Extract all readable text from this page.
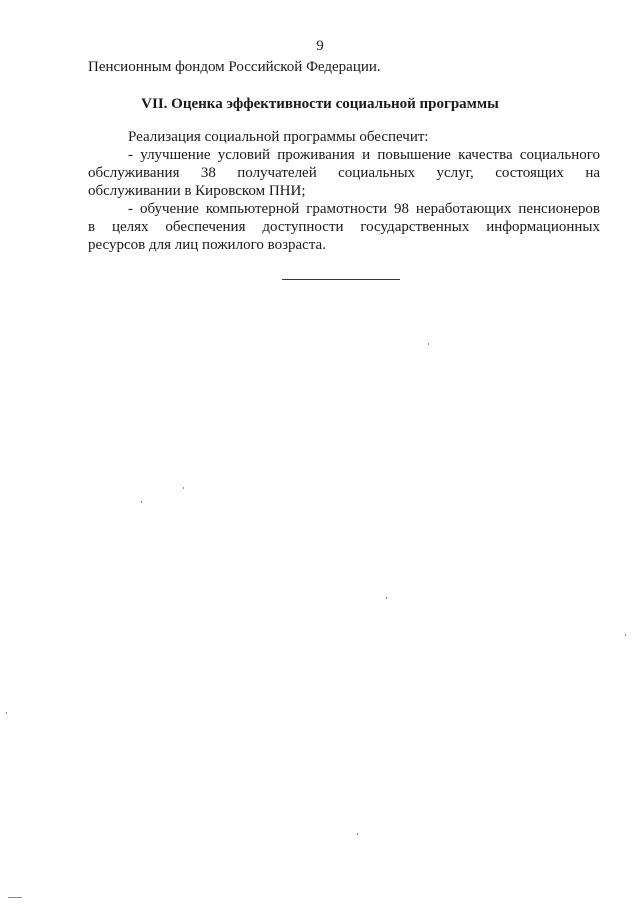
9
Пенсионным фондом Российской Федерации.
VII. Оценка эффективности социальной программы
Реализация социальной программы обеспечит:
- улучшение условий проживания и повышение качества социального
обслуживания 38 получателей социальных услуг, состоящих на
обслуживании в Кировском ПНИ;
- обучение компьютерной грамотности 98 неработающих пенсионеров
в целях обеспечения доступности государственных информационных
ресурсов для лиц пожилого возраста.
